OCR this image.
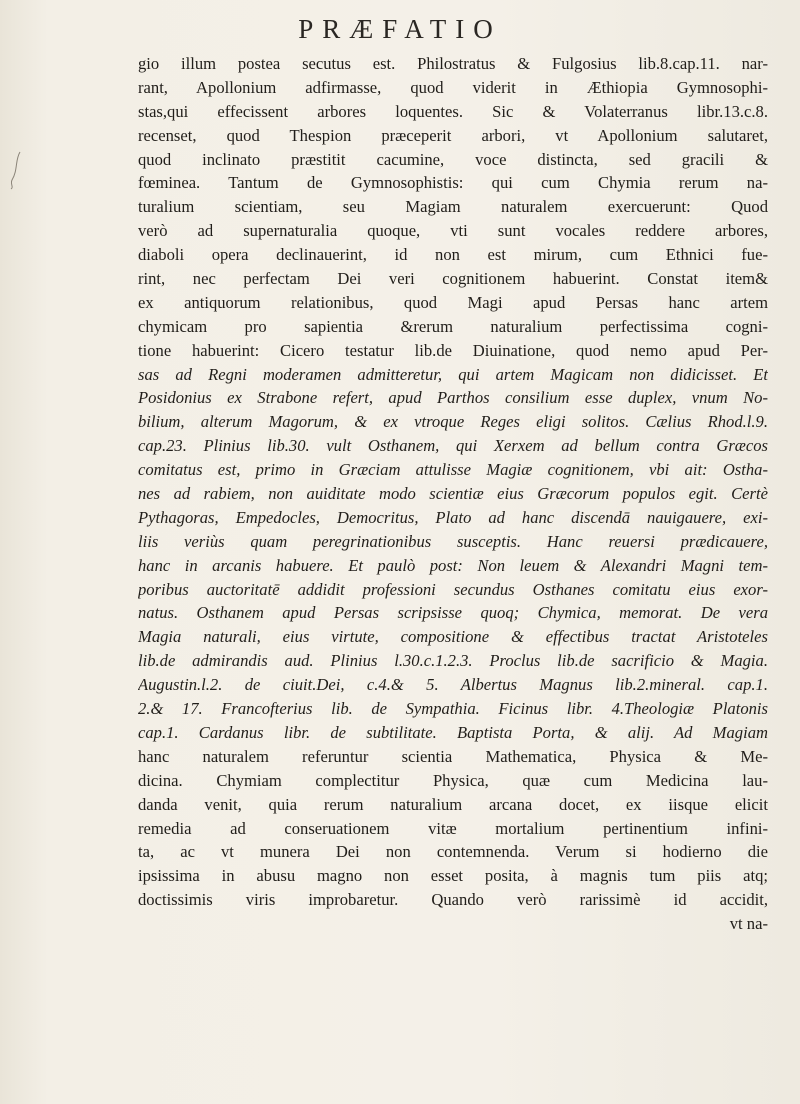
PRÆFATIO
gio illum postea secutus est. Philostratus & Fulgosius lib.8.cap.11. nar-
rant, Apollonium adfirmasse, quod viderit in Æthiopia Gymnosophi-
stas,qui effecissent arbores loquentes. Sic & Volaterranus libr.13.c.8.
recenset, quod Thespion præceperit arbori, vt Apollonium salutaret,
quod inclinato præstitit cacumine, voce distincta, sed gracili &
fœminea. Tantum de Gymnosophistis: qui cum Chymia rerum na-
turalium scientiam, seu Magiam naturalem exercuerunt: Quod
verò ad supernaturalia quoque, vti sunt vocales reddere arbores,
diaboli opera declinauerint, id non est mirum, cum Ethnici fue-
rint, nec perfectam Dei veri cognitionem habuerint. Constat item&
ex antiquorum relationibus, quod Magi apud Persas hanc artem
chymicam pro sapientia &rerum naturalium perfectissima cogni-
tione habuerint: Cicero testatur lib.de Diuinatione, quod nemo apud Per-
sas ad Regni moderamen admitteretur, qui artem Magicam non didicisset. Et
Posidonius ex Strabone refert, apud Parthos consilium esse duplex, vnum No-
bilium, alterum Magorum, & ex vtroque Reges eligi solitos. Cælius Rhod.l.9.
cap.23. Plinius lib.30. vult Osthanem, qui Xerxem ad bellum contra Græcos
comitatus est, primo in Græciam attulisse Magiæ cognitionem, vbi ait: Ostha-
nes ad rabiem, non auiditate modo scientiæ eius Græcorum populos egit. Certè
Pythagoras, Empedocles, Democritus, Plato ad hanc discendā nauigauere, exi-
liis veriùs quam peregrinationibus susceptis. Hanc reuersi prædicauere,
hanc in arcanis habuere. Et paulò post: Non leuem & Alexandri Magni tem-
poribus auctoritatē addidit professioni secundus Osthanes comitatu eius exor-
natus. Osthanem apud Persas scripsisse quoq; Chymica, memorat. De vera
Magia naturali, eius virtute, compositione & effectibus tractat Aristoteles
lib.de admirandis aud. Plinius l.30.c.1.2.3. Proclus lib.de sacrificio & Magia.
Augustin.l.2. de ciuit.Dei, c.4.& 5. Albertus Magnus lib.2.mineral. cap.1.
2.& 17. Francofterius lib. de Sympathia. Ficinus libr. 4.Theologiæ Platonis
cap.1. Cardanus libr. de subtilitate. Baptista Porta, & alij. Ad Magiam
hanc naturalem referuntur scientia Mathematica, Physica & Me-
dicina. Chymiam complectitur Physica, quæ cum Medicina lau-
danda venit, quia rerum naturalium arcana docet, ex iisque elicit
remedia ad conseruationem vitæ mortalium pertinentium infini-
ta, ac vt munera Dei non contemnenda. Verum si hodierno die
ipsissima in abusu magno non esset posita, à magnis tum piis atq;
doctissimis viris improbaretur. Quando verò rarissimè id accidit,
vt na-
